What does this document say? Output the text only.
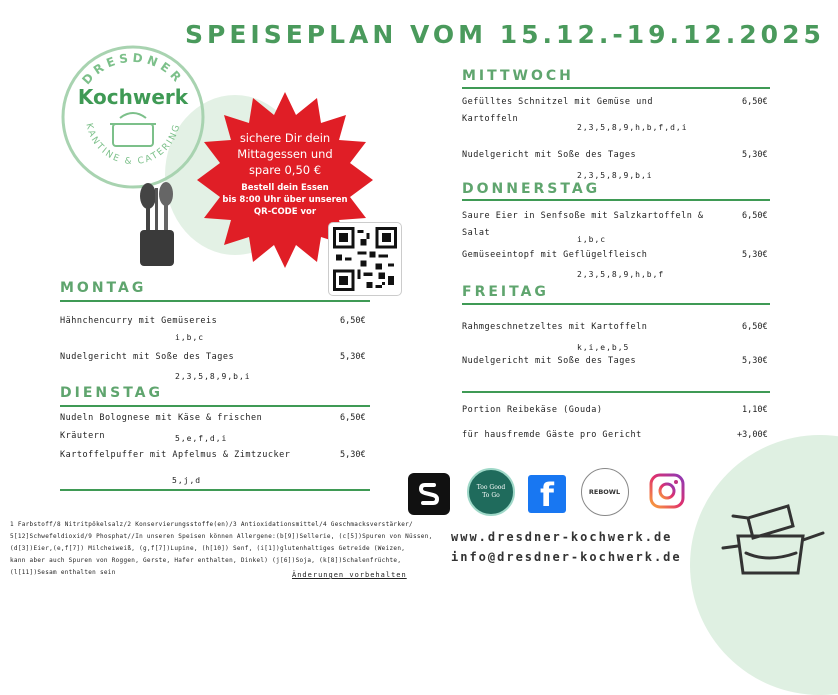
SPEISEPLAN VOM 15.12.-19.12.2025
DRESDNER
KANTINE & CATERING
Kochwerk
sichere Dir dein
Mittagessen und
spare 0,50 €
Bestell dein Essen
bis 8:00 Uhr über unseren
QR-CODE vor
MONTAG
Hähnchencurry mit Gemüsereis	6,50€
i,b,c
Nudelgericht mit Soße des Tages	5,30€
2,3,5,8,9,b,i
DIENSTAG
Nudeln Bolognese mit Käse & frischen	6,50€
Kräutern	5,e,f,d,i
Kartoffelpuffer mit Apfelmus & Zimtzucker	5,30€
5,j,d
MITTWOCH
Gefülltes Schnitzel mit Gemüse und	6,50€
Kartoffeln
2,3,5,8,9,h,b,f,d,i
Nudelgericht mit Soße des Tages	5,30€
2,3,5,8,9,b,i
DONNERSTAG
Saure Eier in Senfsoße mit Salzkartoffeln &	6,50€
Salat
i,b,c
Gemüseeintopf mit Geflügelfleisch	5,30€
2,3,5,8,9,h,b,f
FREITAG
Rahmgeschnetzeltes mit Kartoffeln	6,50€
k,i,e,b,5
Nudelgericht mit Soße des Tages	5,30€
Portion Reibekäse (Gouda)	1,10€
für hausfremde Gäste pro Gericht	+3,00€
1 Farbstoff/8 Nitritpökelsalz/2 Konservierungsstoffe(en)/3 Antioxidationsmittel/4 Geschmacksverstärker/
5[12]Schwefeldioxid/9 Phosphat//In unseren Speisen können Allergene:(b[9])Sellerie, (c[5])Spuren von Nüssen,
(d[3])Eier,(e,f[7]) Milcheiweiß, (g,f[7])Lupine, (h[10]) Senf, (i[1])glutenhaltiges Getreide (Weizen,
kann aber auch Spuren von Roggen, Gerste, Hafer enthalten, Dinkel) (j[6])Soja, (k[8])Schalenfrüchte,
(l[11])Sesam enthalten sein	Änderungen vorbehalten
Too Good To Go f	REBOWL
www.dresdner-kochwerk.de
info@dresdner-kochwerk.de
